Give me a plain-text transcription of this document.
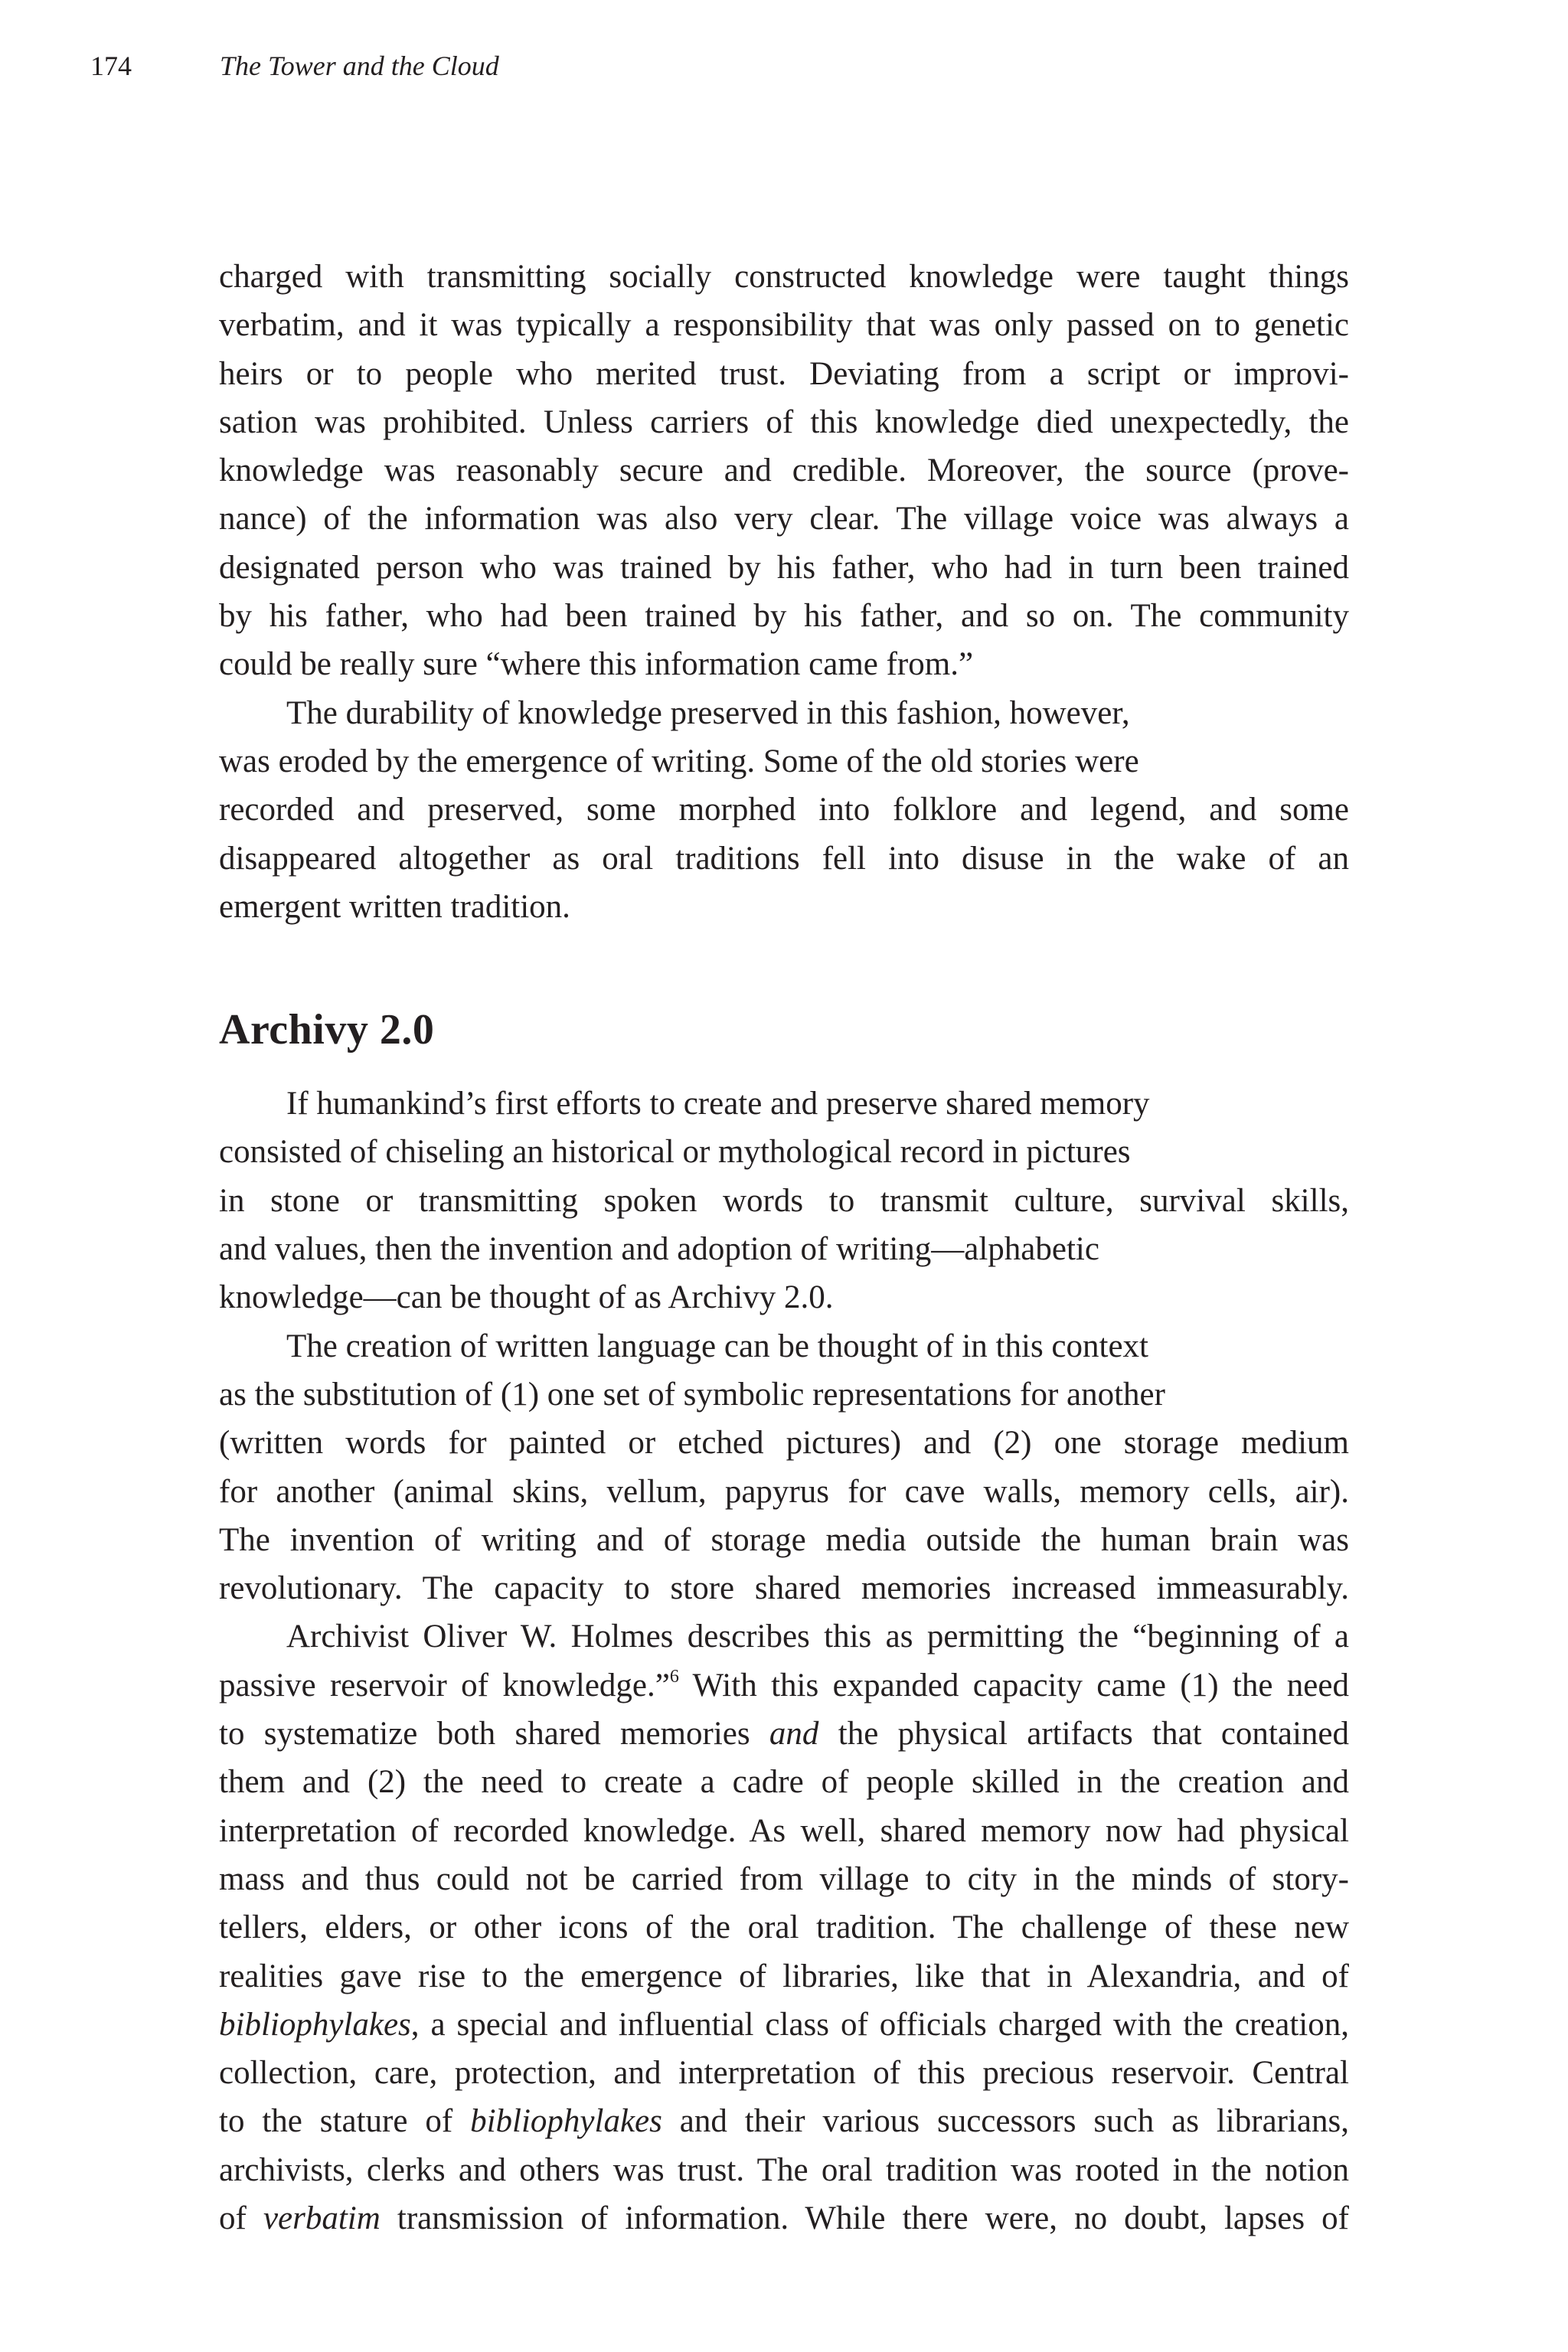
174	The Tower and the Cloud
charged with transmitting socially constructed knowledge were taught things
verbatim, and it was typically a responsibility that was only passed on to genetic
heirs or to people who merited trust. Deviating from a script or improvi-
sation was prohibited. Unless carriers of this knowledge died unexpectedly, the
knowledge was reasonably secure and credible. Moreover, the source (prove-
nance) of the information was also very clear. The village voice was always a
designated person who was trained by his father, who had in turn been trained
by his father, who had been trained by his father, and so on. The community
could be really sure “where this information came from.”
The durability of knowledge preserved in this fashion, however,
was eroded by the emergence of writing. Some of the old stories were
recorded and preserved, some morphed into folklore and legend, and some
disappeared altogether as oral traditions fell into disuse in the wake of an
emergent written tradition.
Archivy 2.0
If humankind’s first efforts to create and preserve shared memory
consisted of chiseling an historical or mythological record in pictures
in stone or transmitting spoken words to transmit culture, survival skills,
and values, then the invention and adoption of writing—alphabetic
knowledge—can be thought of as Archivy 2.0.
The creation of written language can be thought of in this context
as the substitution of (1) one set of symbolic representations for another
(written words for painted or etched pictures) and (2) one storage medium
for another (animal skins, vellum, papyrus for cave walls, memory cells, air).
The invention of writing and of storage media outside the human brain was
revolutionary. The capacity to store shared memories increased immeasurably.
Archivist Oliver W. Holmes describes this as permitting the “beginning of a
passive reservoir of knowledge.”$^6$ With this expanded capacity came (1) the need
to systematize both shared memories and the physical artifacts that contained
them and (2) the need to create a cadre of people skilled in the creation and
interpretation of recorded knowledge. As well, shared memory now had physical
mass and thus could not be carried from village to city in the minds of story-
tellers, elders, or other icons of the oral tradition. The challenge of these new
realities gave rise to the emergence of libraries, like that in Alexandria, and of
bibliophylakes, a special and influential class of officials charged with the creation,
collection, care, protection, and interpretation of this precious reservoir. Central
to the stature of bibliophylakes and their various successors such as librarians,
archivists, clerks and others was trust. The oral tradition was rooted in the notion
of verbatim transmission of information. While there were, no doubt, lapses of
